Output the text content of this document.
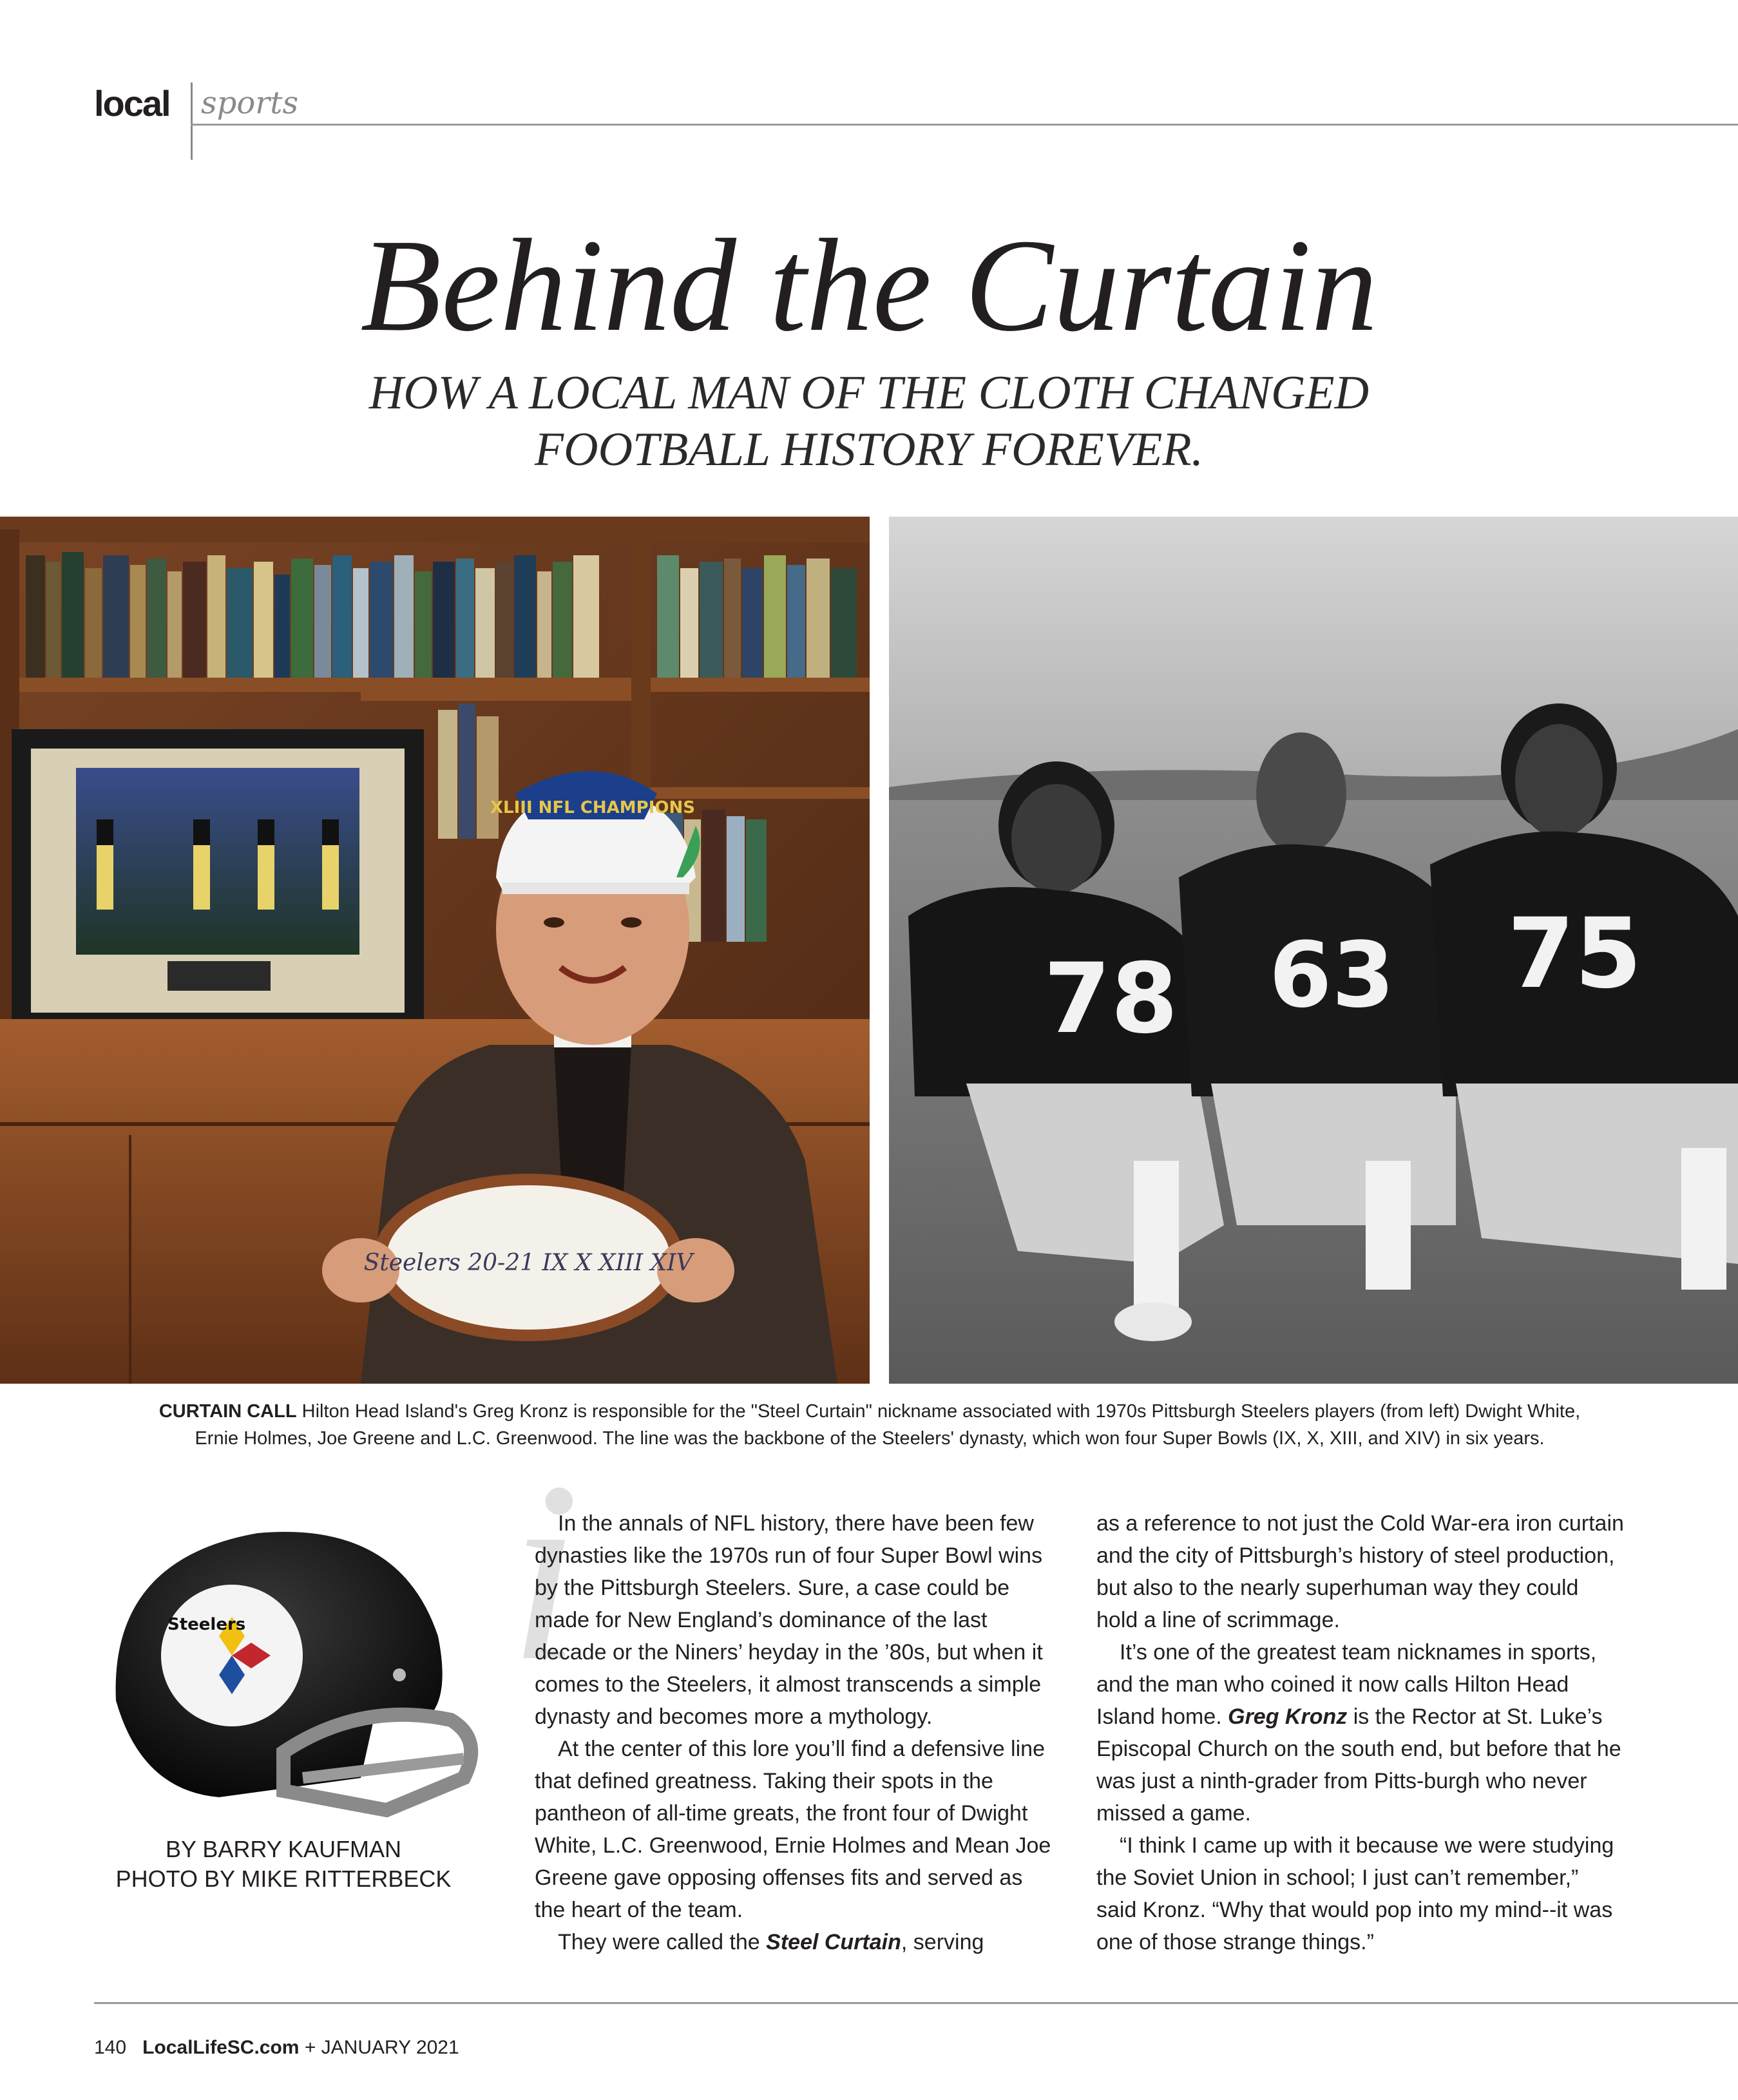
local sports
Behind the Curtain
HOW A LOCAL MAN OF THE CLOTH CHANGED
FOOTBALL HISTORY FOREVER.
XLIII NFL CHAMPIONS
Steelers 20-21 IX X XIII XIV
78 63 75
CURTAIN CALL Hilton Head Island's Greg Kronz is responsible for the "Steel Curtain" nickname associated with 1970s Pittsburgh Steelers players (from left) Dwight White,
Ernie Holmes, Joe Greene and L.C. Greenwood. The line was the backbone of the Steelers' dynasty, which won four Super Bowls (IX, X, XIII, and XIV) in six years.
Steelers
BY BARRY KAUFMAN
PHOTO BY MIKE RITTERBECK
i

In the annals of NFL history, there have been few dynasties like the 1970s run of four Super Bowl wins by the Pittsburgh Steelers. Sure, a case could be made for New England’s dominance of the last decade or the Niners’ heyday in the ’80s, but when it comes to the Steelers, it almost transcends a simple dynasty and becomes more a mythology.

At the center of this lore you’ll find a defensive line that defined greatness. Taking their spots in the pantheon of all-time greats, the front four of Dwight White, L.C. Greenwood, Ernie Holmes and Mean Joe Greene gave opposing offenses fits and served as the heart of the team.

They were called the Steel Curtain, serving

as a reference to not just the Cold War-era iron curtain and the city of Pittsburgh’s history of steel production, but also to the nearly superhuman way they could hold a line of scrimmage.

It’s one of the greatest team nicknames in sports, and the man who coined it now calls Hilton Head Island home. Greg Kronz is the Rector at St. Luke’s Episcopal Church on the south end, but before that he was just a ninth-grader from Pitts-burgh who never missed a game.

“I think I came up with it because we were studying the Soviet Union in school; I just can’t remember,” said Kronz. “Why that would pop into my mind--it was one of those strange things.”

140 LocalLifeSC.com + JANUARY 2021
